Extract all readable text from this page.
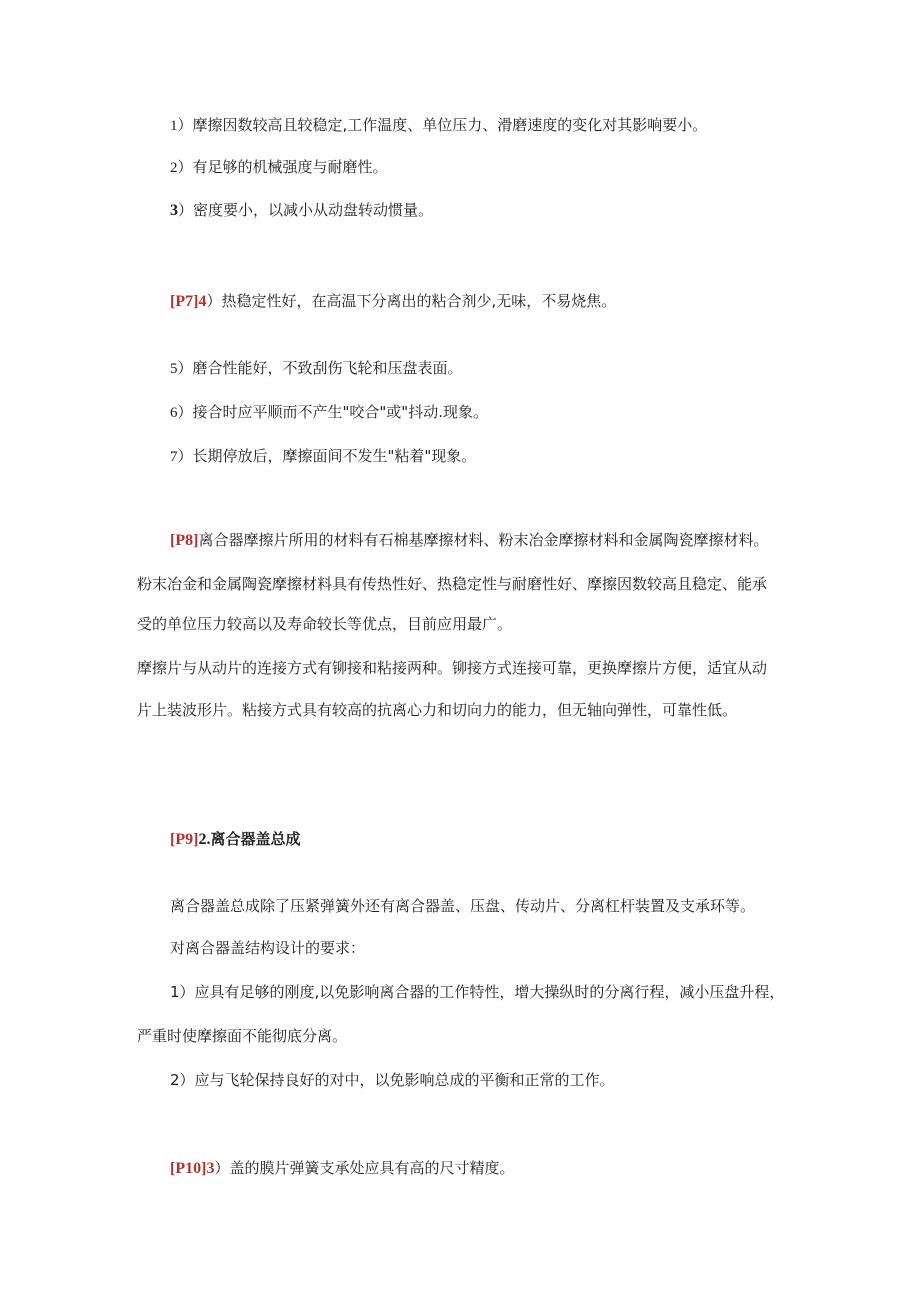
1）摩擦因数较高且较稳定,工作温度、单位压力、滑磨速度的变化对其影响要小。
2）有足够的机械强度与耐磨性。
3）密度要小，以减小从动盘转动惯量。
[P7]4）热稳定性好，在高温下分离出的粘合剂少,无味，不易烧焦。
5）磨合性能好，不致刮伤飞轮和压盘表面。
6）接合时应平顺而不产生"咬合"或"抖动.现象。
7）长期停放后，摩擦面间不发生"粘着"现象。
[P8]离合器摩擦片所用的材料有石棉基摩擦材料、粉末冶金摩擦材料和金属陶瓷摩擦材料。
粉末冶金和金属陶瓷摩擦材料具有传热性好、热稳定性与耐磨性好、摩擦因数较高且稳定、能承
受的单位压力较高以及寿命较长等优点，目前应用最广。
摩擦片与从动片的连接方式有铆接和粘接两种。铆接方式连接可靠，更换摩擦片方便，适宜从动
片上装波形片。粘接方式具有较高的抗离心力和切向力的能力，但无轴向弹性，可靠性低。
[P9]2.离合器盖总成
离合器盖总成除了压紧弹簧外还有离合器盖、压盘、传动片、分离杠杆装置及支承环等。
对离合器盖结构设计的要求：
1）应具有足够的刚度,以免影响离合器的工作特性，增大操纵时的分离行程，减小压盘升程，
严重时使摩擦面不能彻底分离。
2）应与飞轮保持良好的对中，以免影响总成的平衡和正常的工作。
[P10]3）盖的膜片弹簧支承处应具有高的尺寸精度。
